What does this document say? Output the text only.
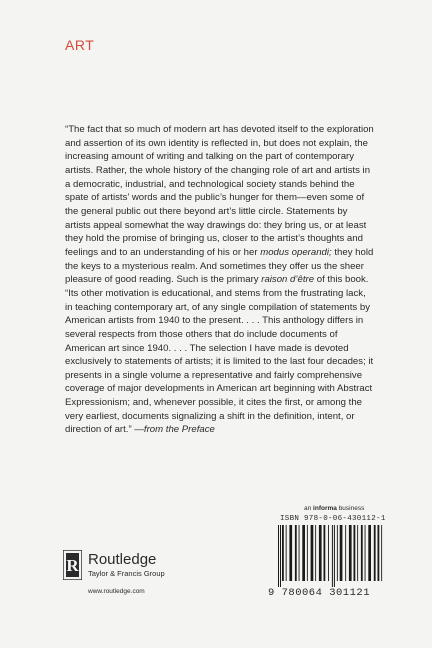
ART

“The fact that so much of modern art has devoted itself to the exploration and assertion of its own identity is reflected in, but does not explain, the increasing amount of writing and talking on the part of contemporary artists. Rather, the whole history of the changing role of art and artists in a democratic, industrial, and technological society stands behind the spate of artists’ words and the public’s hunger for them—even some of the general public out there beyond art’s little circle. Statements by artists appeal somewhat the way drawings do: they bring us, or at least they hold the promise of bringing us, closer to the artist’s thoughts and feelings and to an understanding of his or her modus operandi; they hold the keys to a mysterious realm. And sometimes they offer us the sheer pleasure of good reading. Such is the primary raison d’être of this book.

“Its other motivation is educational, and stems from the frustrating lack, in teaching contemporary art, of any single compilation of statements by American artists from 1940 to the present. . . . This anthology differs in several respects from those others that do include documents of American art since 1940. . . . The selection I have made is devoted exclusively to statements of artists; it is limited to the last four decades; it presents in a single volume a representative and fairly comprehensive coverage of major developments in American art beginning with Abstract Expressionism; and, whenever possible, it cites the first, or among the very earliest, documents signalizing a shift in the definition, intent, or direction of art.” —from the Preface

an informa business
R Routledge
Taylor & Francis Group
www.routledge.com
ISBN 978-0-06-430112-1
9 780064 301121
